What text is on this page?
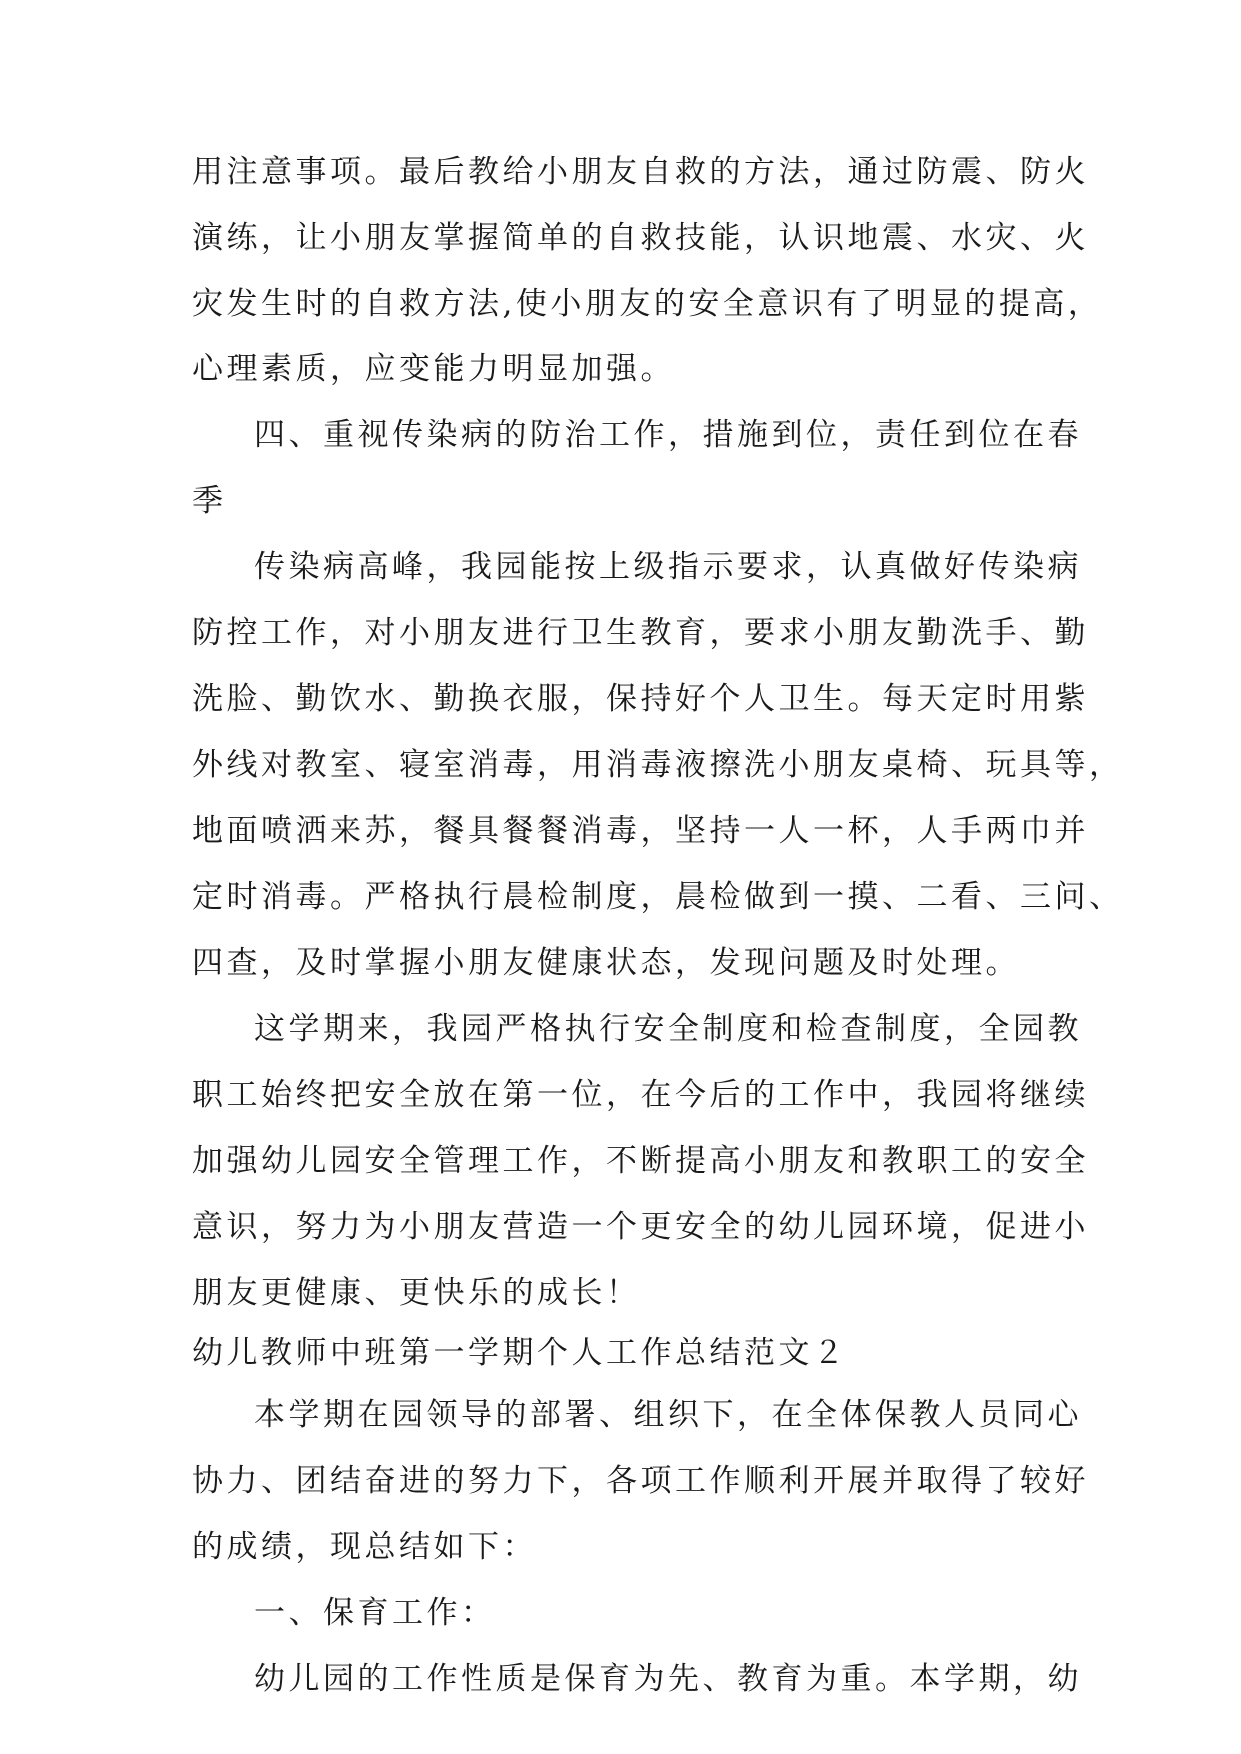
用注意事项。最后教给小朋友自救的方法，通过防震、防火
演练，让小朋友掌握简单的自救技能，认识地震、水灾、火
灾发生时的自救方法,使小朋友的安全意识有了明显的提高，
心理素质，应变能力明显加强。
四、重视传染病的防治工作，措施到位，责任到位在春
季
传染病高峰，我园能按上级指示要求，认真做好传染病
防控工作，对小朋友进行卫生教育，要求小朋友勤洗手、勤
洗脸、勤饮水、勤换衣服，保持好个人卫生。每天定时用紫
外线对教室、寝室消毒，用消毒液擦洗小朋友桌椅、玩具等，
地面喷洒来苏，餐具餐餐消毒，坚持一人一杯，人手两巾并
定时消毒。严格执行晨检制度，晨检做到一摸、二看、三问、
四查，及时掌握小朋友健康状态，发现问题及时处理。
这学期来，我园严格执行安全制度和检查制度，全园教
职工始终把安全放在第一位，在今后的工作中，我园将继续
加强幼儿园安全管理工作，不断提高小朋友和教职工的安全
意识，努力为小朋友营造一个更安全的幼儿园环境，促进小
朋友更健康、更快乐的成长！
幼儿教师中班第一学期个人工作总结范文２
本学期在园领导的部署、组织下，在全体保教人员同心
协力、团结奋进的努力下，各项工作顺利开展并取得了较好
的成绩，现总结如下：
一、保育工作：
幼儿园的工作性质是保育为先、教育为重。本学期，幼
